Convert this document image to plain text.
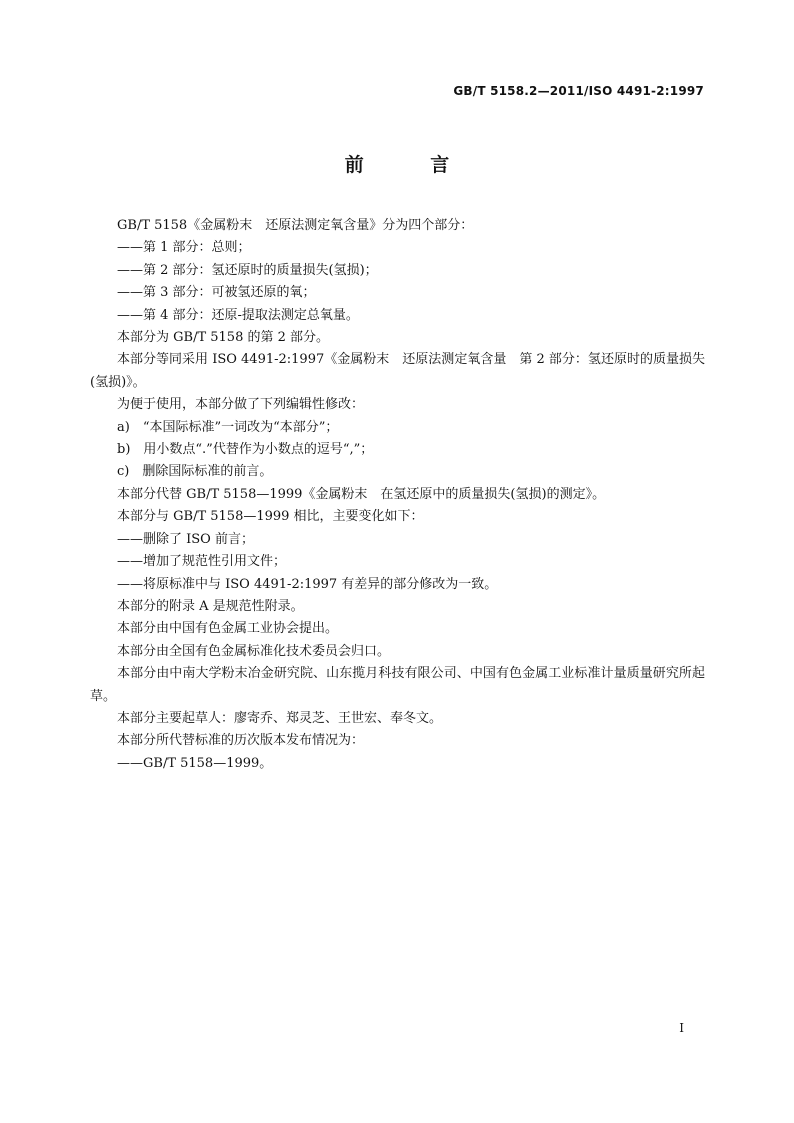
GB/T 5158.2—2011/ISO 4491-2:1997
前 言

GB/T 5158《金属粉末　还原法测定氧含量》分为四个部分：

——第 1 部分：总则；

——第 2 部分：氢还原时的质量损失(氢损)；

——第 3 部分：可被氢还原的氧；

——第 4 部分：还原-提取法测定总氧量。

本部分为 GB/T 5158 的第 2 部分。

本部分等同采用 ISO 4491-2:1997《金属粉末　还原法测定氧含量　第 2 部分：氢还原时的质量损失(氢损)》。

为便于使用，本部分做了下列编辑性修改：

a)　“本国际标准”一词改为“本部分”；

b)　用小数点“.”代替作为小数点的逗号“,”；

c)　删除国际标准的前言。

本部分代替 GB/T 5158—1999《金属粉末　在氢还原中的质量损失(氢损)的测定》。

本部分与 GB/T 5158—1999 相比，主要变化如下：

——删除了 ISO 前言；

——增加了规范性引用文件；

——将原标准中与 ISO 4491-2:1997 有差异的部分修改为一致。

本部分的附录 A 是规范性附录。

本部分由中国有色金属工业协会提出。

本部分由全国有色金属标准化技术委员会归口。

本部分由中南大学粉末冶金研究院、山东揽月科技有限公司、中国有色金属工业标准计量质量研究所起草。

本部分主要起草人：廖寄乔、郑灵芝、王世宏、奉冬文。

本部分所代替标准的历次版本发布情况为：

——GB/T 5158—1999。

I
